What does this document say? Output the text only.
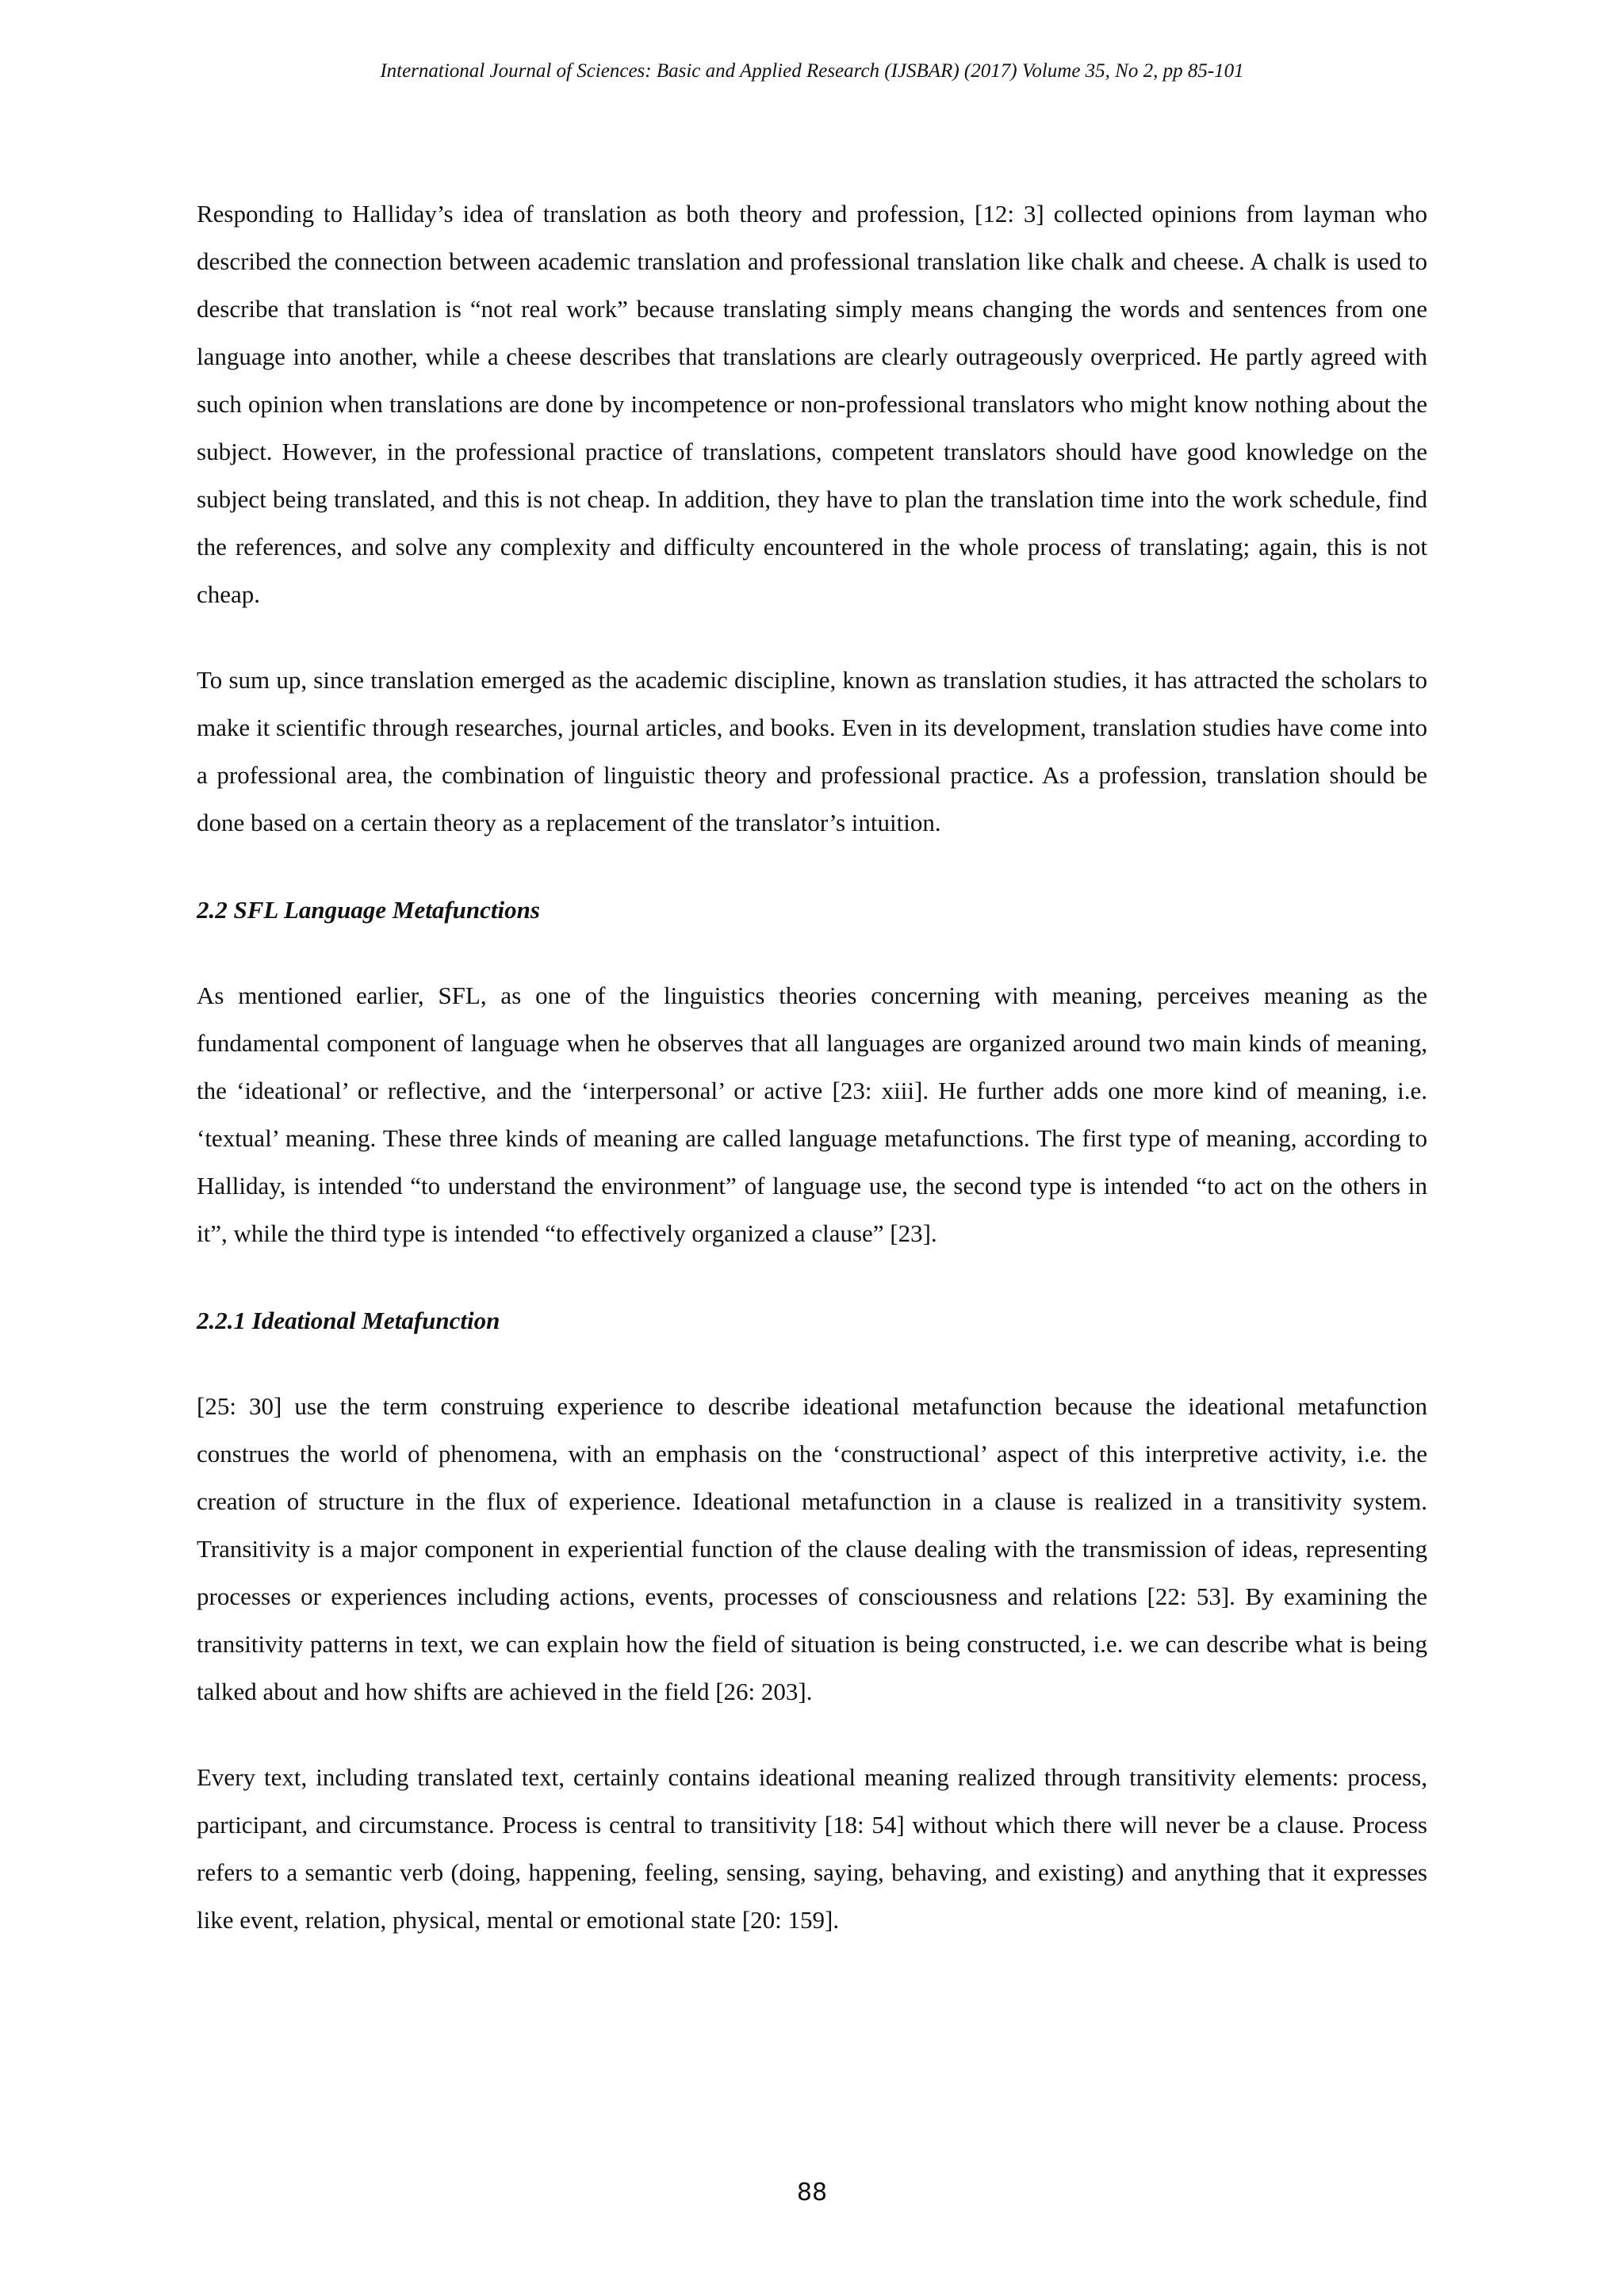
International Journal of Sciences: Basic and Applied Research (IJSBAR) (2017) Volume 35, No 2, pp 85-101

Responding to Halliday’s idea of translation as both theory and profession, [12: 3] collected opinions from layman who described the connection between academic translation and professional translation like chalk and cheese. A chalk is used to describe that translation is “not real work” because translating simply means changing the words and sentences from one language into another, while a cheese describes that translations are clearly outrageously overpriced. He partly agreed with such opinion when translations are done by incompetence or non-professional translators who might know nothing about the subject. However, in the professional practice of translations, competent translators should have good knowledge on the subject being translated, and this is not cheap. In addition, they have to plan the translation time into the work schedule, find the references, and solve any complexity and difficulty encountered in the whole process of translating; again, this is not cheap.

To sum up, since translation emerged as the academic discipline, known as translation studies, it has attracted the scholars to make it scientific through researches, journal articles, and books. Even in its development, translation studies have come into a professional area, the combination of linguistic theory and professional practice. As a profession, translation should be done based on a certain theory as a replacement of the translator’s intuition.

2.2 SFL Language Metafunctions

As mentioned earlier, SFL, as one of the linguistics theories concerning with meaning, perceives meaning as the fundamental component of language when he observes that all languages are organized around two main kinds of meaning, the ‘ideational’ or reflective, and the ‘interpersonal’ or active [23: xiii]. He further adds one more kind of meaning, i.e. ‘textual’ meaning. These three kinds of meaning are called language metafunctions. The first type of meaning, according to Halliday, is intended “to understand the environment” of language use, the second type is intended “to act on the others in it”, while the third type is intended “to effectively organized a clause” [23].

2.2.1 Ideational Metafunction

[25: 30] use the term construing experience to describe ideational metafunction because the ideational metafunction construes the world of phenomena, with an emphasis on the ‘constructional’ aspect of this interpretive activity, i.e. the creation of structure in the flux of experience. Ideational metafunction in a clause is realized in a transitivity system. Transitivity is a major component in experiential function of the clause dealing with the transmission of ideas, representing processes or experiences including actions, events, processes of consciousness and relations [22: 53]. By examining the transitivity patterns in text, we can explain how the field of situation is being constructed, i.e. we can describe what is being talked about and how shifts are achieved in the field [26: 203].

Every text, including translated text, certainly contains ideational meaning realized through transitivity elements: process, participant, and circumstance. Process is central to transitivity [18: 54] without which there will never be a clause. Process refers to a semantic verb (doing, happening, feeling, sensing, saying, behaving, and existing) and anything that it expresses like event, relation, physical, mental or emotional state [20: 159].

88
